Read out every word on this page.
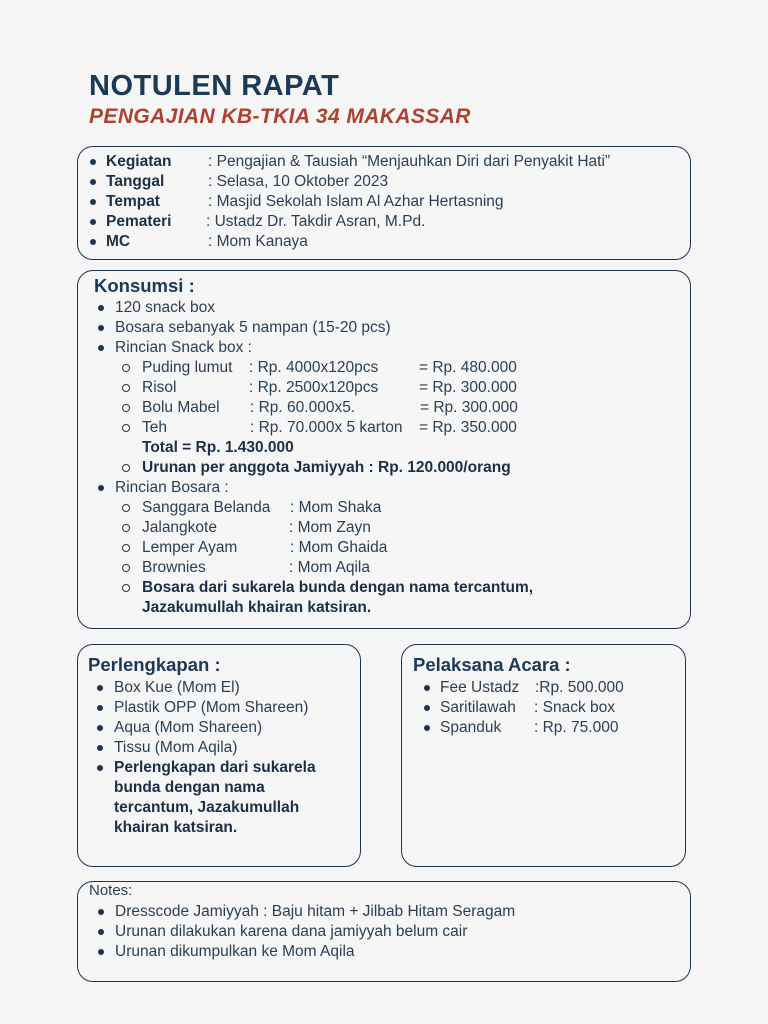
NOTULEN RAPAT
PENGAJIAN KB-TKIA 34 MAKASSAR
Kegiatan : Pengajian & Tausiah “Menjauhkan Diri dari Penyakit Hati”
Tanggal	: Selasa, 10 Oktober 2023
Tempat	: Masjid Sekolah Islam Al Azhar Hertasning
Pemateri : Ustadz Dr. Takdir Asran, M.Pd.
MC	: Mom Kanaya
Konsumsi :
120 snack box
Bosara sebanyak 5 nampan (15-20 pcs)
Rincian Snack box :
Puding lumut : Rp. 4000x120pcs	= Rp. 480.000
Risol	: Rp. 2500x120pcs	= Rp. 300.000
Bolu Mabel : Rp. 60.000x5.	= Rp. 300.000
Teh	: Rp. 70.000x 5 karton = Rp. 350.000
Total = Rp. 1.430.000
Urunan per anggota Jamiyyah : Rp. 120.000/orang
Rincian Bosara :
Sanggara Belanda : Mom Shaka
Jalangkote	: Mom Zayn
Lemper Ayam	: Mom Ghaida
Brownies	: Mom Aqila
Bosara dari sukarela bunda dengan nama tercantum,
Jazakumullah khairan katsiran.
Perlengkapan :
Box Kue (Mom El)
Plastik OPP (Mom Shareen)
Aqua (Mom Shareen)
Tissu (Mom Aqila)
Perlengkapan dari sukarela
bunda dengan nama
tercantum, Jazakumullah
khairan katsiran.
Pelaksana Acara :
Fee Ustadz :Rp. 500.000
Saritilawah : Snack box
Spanduk : Rp. 75.000
Notes:
Dresscode Jamiyyah : Baju hitam + Jilbab Hitam Seragam
Urunan dilakukan karena dana jamiyyah belum cair
Urunan dikumpulkan ke Mom Aqila
